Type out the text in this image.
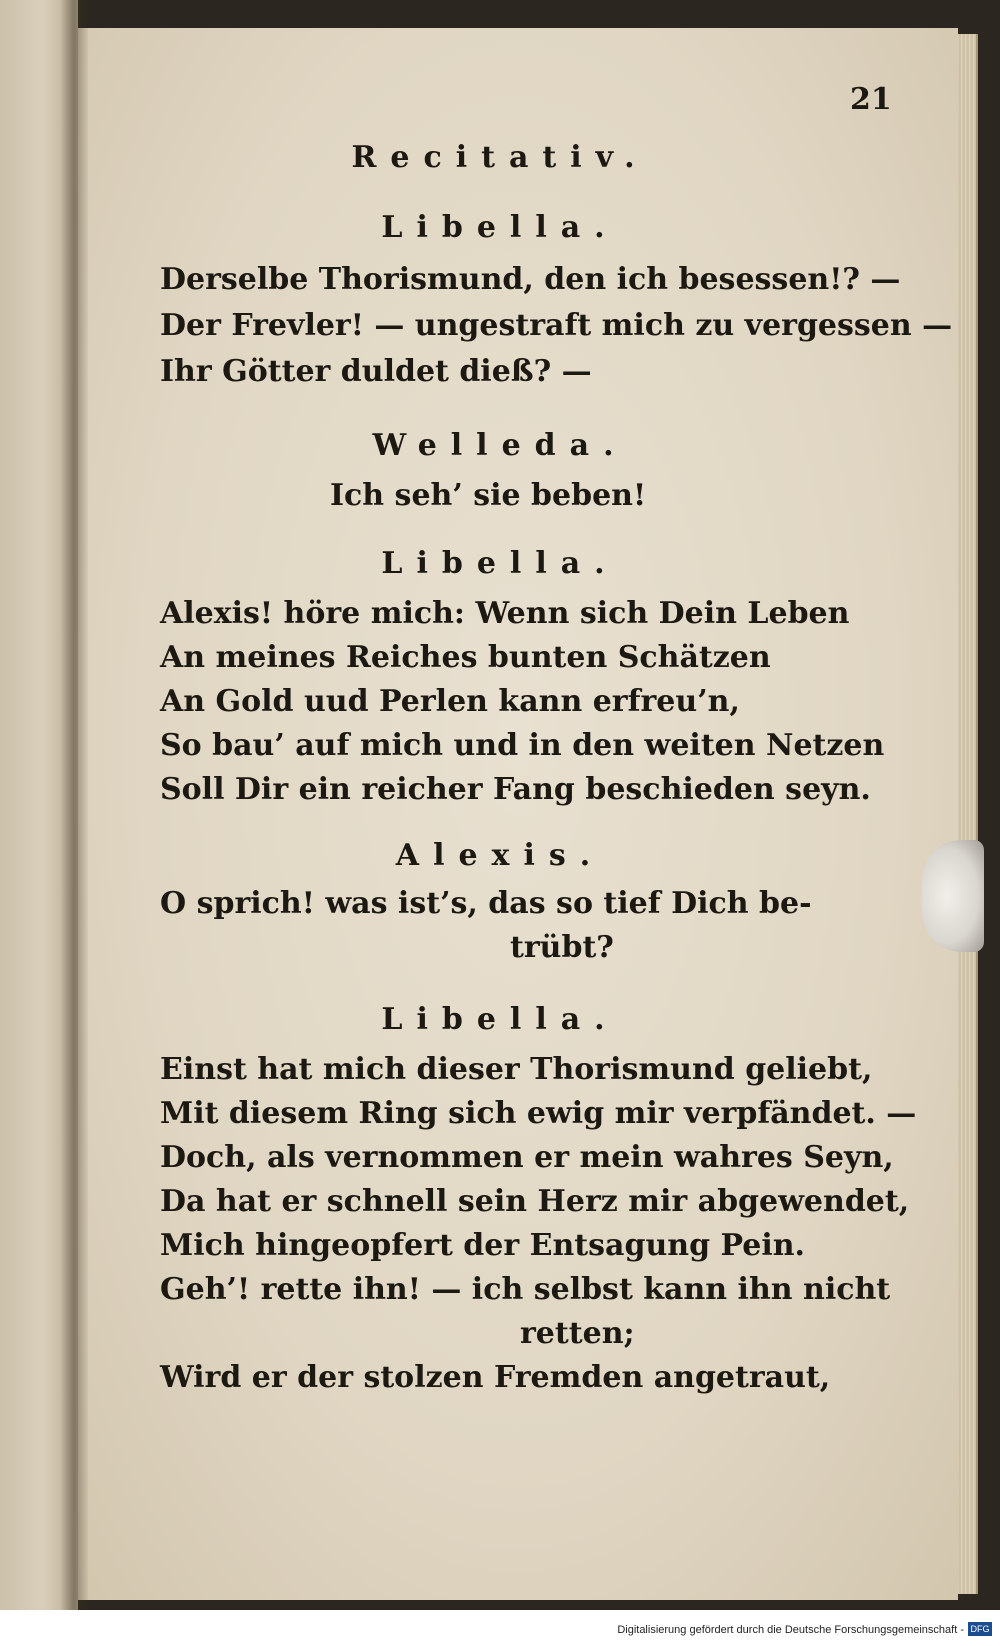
21
Recitativ.
Libella.
Derselbe Thorismund, den ich besessen!? —
Der Frevler! — ungestraft mich zu vergessen —
Ihr Götter duldet dieß? —
Welleda.
Ich seh’ sie beben!
Libella.
Alexis! höre mich: Wenn sich Dein Leben
An meines Reiches bunten Schätzen
An Gold uud Perlen kann erfreu’n,
So bau’ auf mich und in den weiten Netzen
Soll Dir ein reicher Fang beschieden seyn.
Alexis.
O sprich! was ist’s, das so tief Dich be-
trübt?
Libella.
Einst hat mich dieser Thorismund geliebt,
Mit diesem Ring sich ewig mir verpfändet. —
Doch, als vernommen er mein wahres Seyn,
Da hat er schnell sein Herz mir abgewendet,
Mich hingeopfert der Entsagung Pein.
Geh’! rette ihn! — ich selbst kann ihn nicht
retten;
Wird er der stolzen Fremden angetraut,
Digitalisierung gefördert durch die Deutsche Forschungsgemeinschaft - DFG
